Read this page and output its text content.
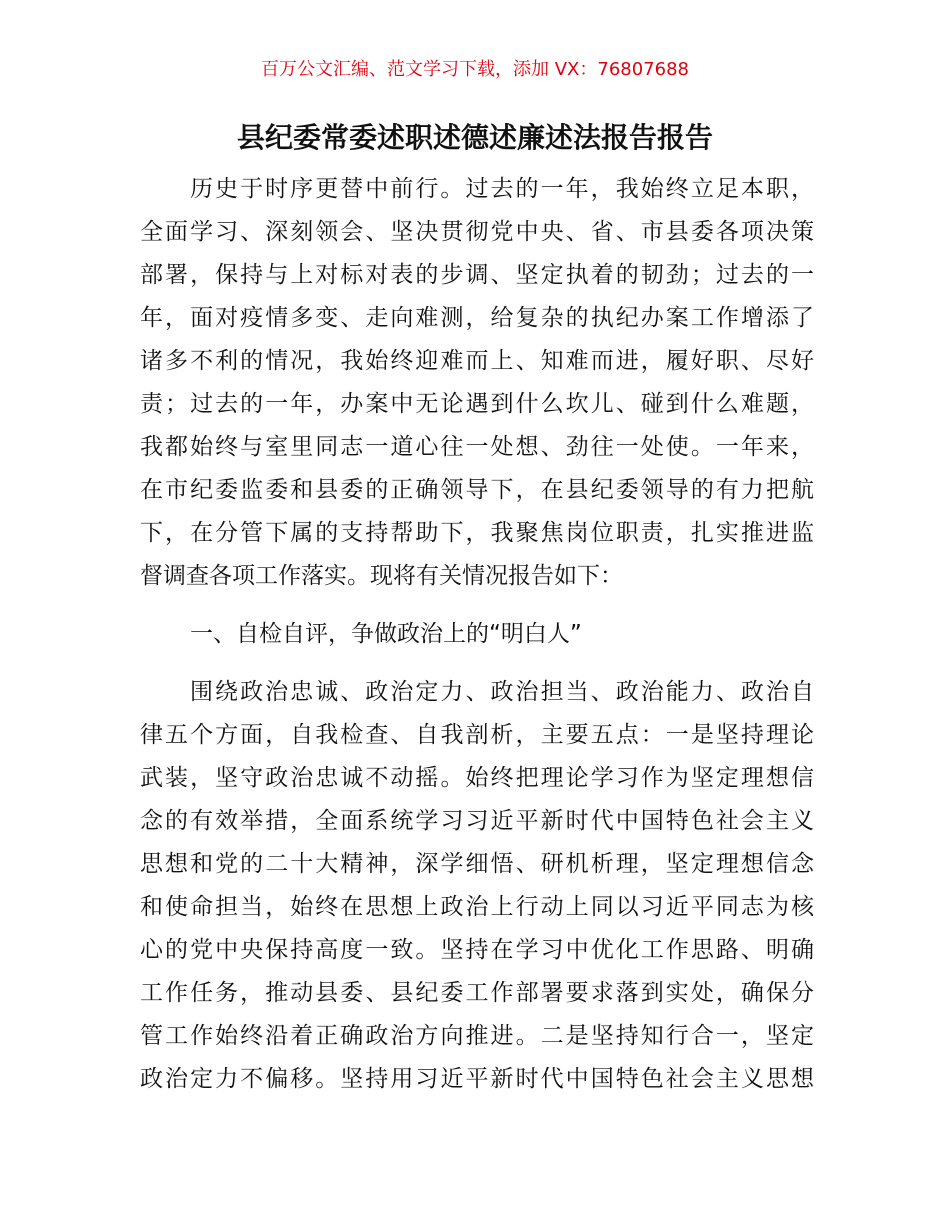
百万公文汇编、范文学习下载，添加 VX：76807688
县纪委常委述职述德述廉述法报告报告
历史于时序更替中前行。过去的一年，我始终立足本职，
全面学习、深刻领会、坚决贯彻党中央、省、市县委各项决策
部署，保持与上对标对表的步调、坚定执着的韧劲；过去的一
年，面对疫情多变、走向难测，给复杂的执纪办案工作增添了
诸多不利的情况，我始终迎难而上、知难而进，履好职、尽好
责；过去的一年，办案中无论遇到什么坎儿、碰到什么难题，
我都始终与室里同志一道心往一处想、劲往一处使。一年来，
在市纪委监委和县委的正确领导下，在县纪委领导的有力把航
下，在分管下属的支持帮助下，我聚焦岗位职责，扎实推进监
督调查各项工作落实。现将有关情况报告如下：
一、自检自评，争做政治上的“明白人”
围绕政治忠诚、政治定力、政治担当、政治能力、政治自
律五个方面，自我检查、自我剖析，主要五点：一是坚持理论
武装，坚守政治忠诚不动摇。始终把理论学习作为坚定理想信
念的有效举措，全面系统学习习近平新时代中国特色社会主义
思想和党的二十大精神，深学细悟、研机析理，坚定理想信念
和使命担当，始终在思想上政治上行动上同以习近平同志为核
心的党中央保持高度一致。坚持在学习中优化工作思路、明确
工作任务，推动县委、县纪委工作部署要求落到实处，确保分
管工作始终沿着正确政治方向推进。二是坚持知行合一，坚定
政治定力不偏移。坚持用习近平新时代中国特色社会主义思想
